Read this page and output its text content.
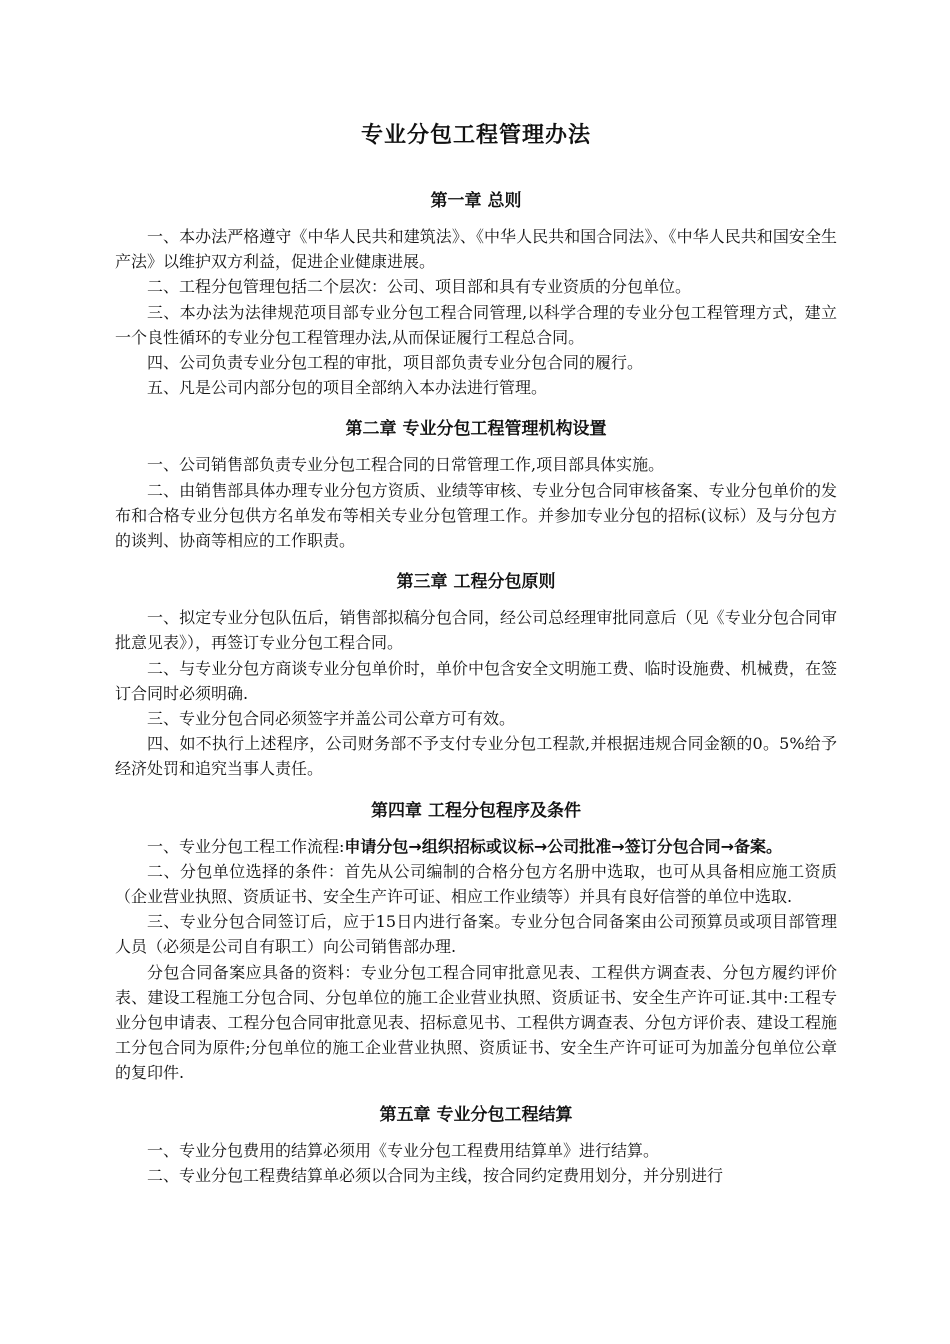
专业分包工程管理办法
第一章 总则

一、本办法严格遵守《中华人民共和建筑法》、《中华人民共和国合同法》、《中华人民共和国安全生产法》以维护双方利益，促进企业健康进展。

二、工程分包管理包括二个层次：公司、项目部和具有专业资质的分包单位。

三、本办法为法律规范项目部专业分包工程合同管理,以科学合理的专业分包工程管理方式，建立一个良性循环的专业分包工程管理办法,从而保证履行工程总合同。

四、公司负责专业分包工程的审批，项目部负责专业分包合同的履行。

五、凡是公司内部分包的项目全部纳入本办法进行管理。

第二章 专业分包工程管理机构设置

一、公司销售部负责专业分包工程合同的日常管理工作,项目部具体实施。

二、由销售部具体办理专业分包方资质、业绩等审核、专业分包合同审核备案、专业分包单价的发布和合格专业分包供方名单发布等相关专业分包管理工作。并参加专业分包的招标(议标）及与分包方的谈判、协商等相应的工作职责。

第三章 工程分包原则

一、拟定专业分包队伍后，销售部拟稿分包合同，经公司总经理审批同意后（见《专业分包合同审批意见表》），再签订专业分包工程合同。

二、与专业分包方商谈专业分包单价时，单价中包含安全文明施工费、临时设施费、机械费，在签订合同时必须明确.

三、专业分包合同必须签字并盖公司公章方可有效。

四、如不执行上述程序，公司财务部不予支付专业分包工程款,并根据违规合同金额的0。5%给予经济处罚和追究当事人责任。

第四章 工程分包程序及条件

一、专业分包工程工作流程:申请分包→组织招标或议标→公司批准→签订分包合同→备案。

二、分包单位选择的条件：首先从公司编制的合格分包方名册中选取，也可从具备相应施工资质（企业营业执照、资质证书、安全生产许可证、相应工作业绩等）并具有良好信誉的单位中选取.

三、专业分包合同签订后，应于15日内进行备案。专业分包合同备案由公司预算员或项目部管理人员（必须是公司自有职工）向公司销售部办理.

分包合同备案应具备的资料：专业分包工程合同审批意见表、工程供方调查表、分包方履约评价表、建设工程施工分包合同、分包单位的施工企业营业执照、资质证书、安全生产许可证.其中:工程专业分包申请表、工程分包合同审批意见表、招标意见书、工程供方调查表、分包方评价表、建设工程施工分包合同为原件;分包单位的施工企业营业执照、资质证书、安全生产许可证可为加盖分包单位公章的复印件.

第五章 专业分包工程结算

一、专业分包费用的结算必须用《专业分包工程费用结算单》进行结算。

二、专业分包工程费结算单必须以合同为主线，按合同约定费用划分，并分别进行
